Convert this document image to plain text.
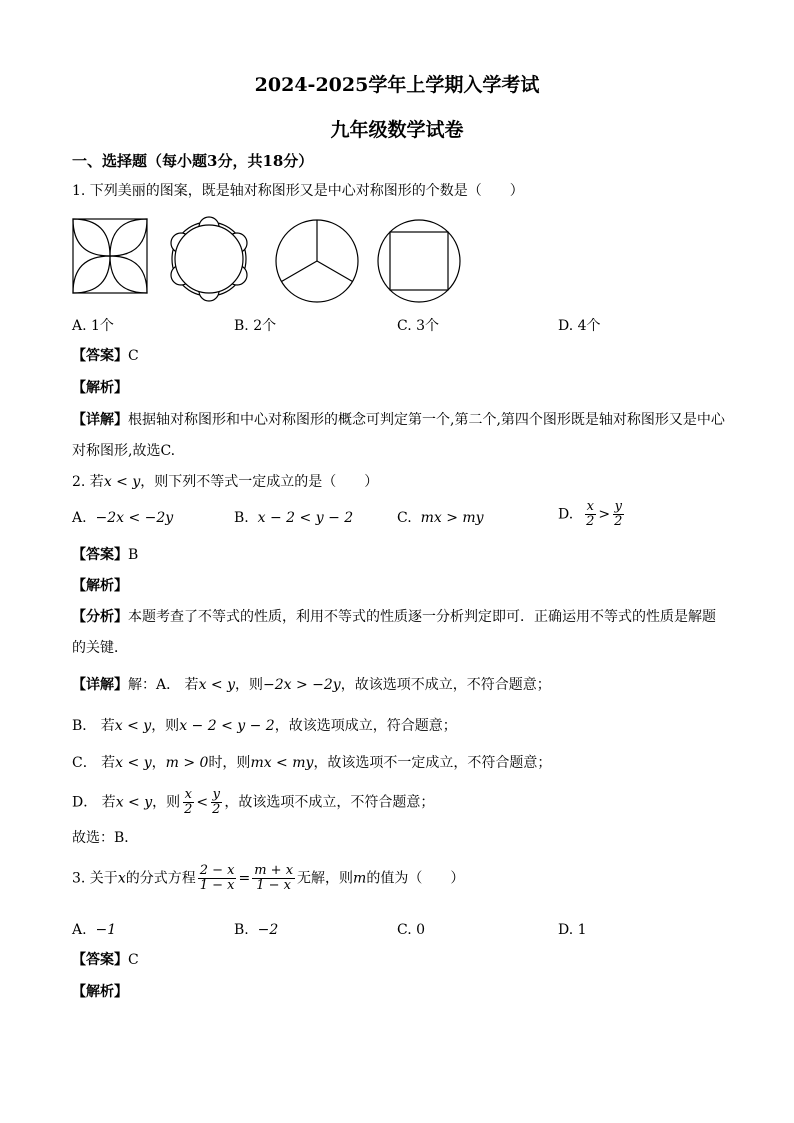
2024-2025学年上学期入学考试
九年级数学试卷
一、选择题（每小题3分，共18分）
1. 下列美丽的图案，既是轴对称图形又是中心对称图形的个数是（　　）
A. 1个	B. 2个	C. 3个	D. 4个
【答案】C
【解析】
【详解】根据轴对称图形和中心对称图形的概念可判定第一个,第二个,第四个图形既是轴对称图形又是中心
对称图形,故选C.
2. 若x < y，则下列不等式一定成立的是（　　）
A. −2x < −2y	B. x − 2 < y − 2	C. mx > my	D. $\frac{x}{2} > \frac{y}{2}$
【答案】B
【解析】
【分析】本题考查了不等式的性质，利用不等式的性质逐一分析判定即可．正确运用不等式的性质是解题
的关键．
【详解】解：A． 若x < y，则−2x > −2y，故该选项不成立，不符合题意；
B． 若x < y，则x − 2 < y − 2，故该选项成立，符合题意；
C． 若x < y，m > 0时，则mx < my，故该选项不一定成立，不符合题意；
D． 若x < y，则 $\frac{x}{2} < \frac{y}{2}$ ，故该选项不成立，不符合题意；
故选：B．
3. 关于x的分式方程 $\frac{2 - x}{1 - x} = \frac{m + x}{1 - x}$ 无解，则m的值为（　　）
A. −1	B. −2	C. 0	D. 1
【答案】C
【解析】
